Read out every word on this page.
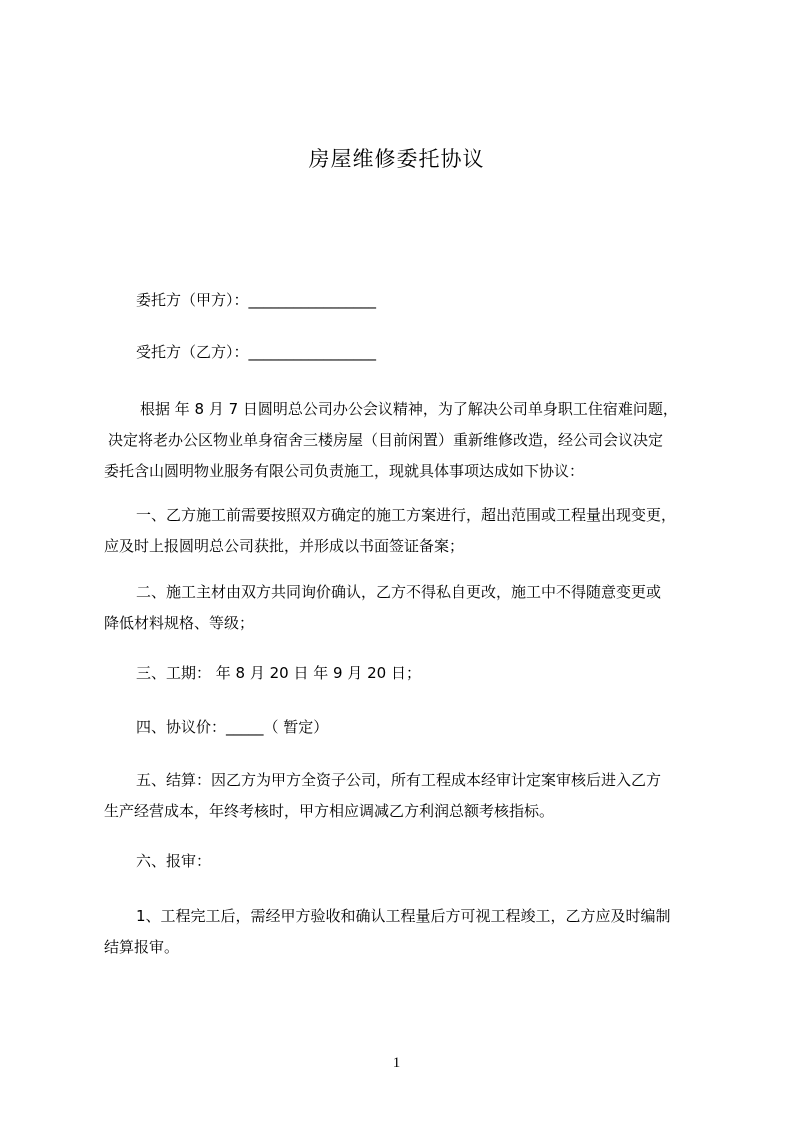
房屋维修委托协议
委托方（甲方）：_________________
受托方（乙方）：_________________
根据 年 8 月 7 日圆明总公司办公会议精神，为了解决公司单身职工住宿难问题，
决定将老办公区物业单身宿舍三楼房屋（目前闲置）重新维修改造，经公司会议决定
委托含山圆明物业服务有限公司负责施工，现就具体事项达成如下协议：
一、乙方施工前需要按照双方确定的施工方案进行，超出范围或工程量出现变更，
应及时上报圆明总公司获批，并形成以书面签证备案；
二、施工主材由双方共同询价确认，乙方不得私自更改，施工中不得随意变更或
降低材料规格、等级；
三、工期： 年 8 月 20 日 年 9 月 20 日；
四、协议价：_____（ 暂定）
五、结算：因乙方为甲方全资子公司，所有工程成本经审计定案审核后进入乙方
生产经营成本，年终考核时，甲方相应调减乙方利润总额考核指标。
六、报审：
1、工程完工后，需经甲方验收和确认工程量后方可视工程竣工，乙方应及时编制
结算报审。
1
